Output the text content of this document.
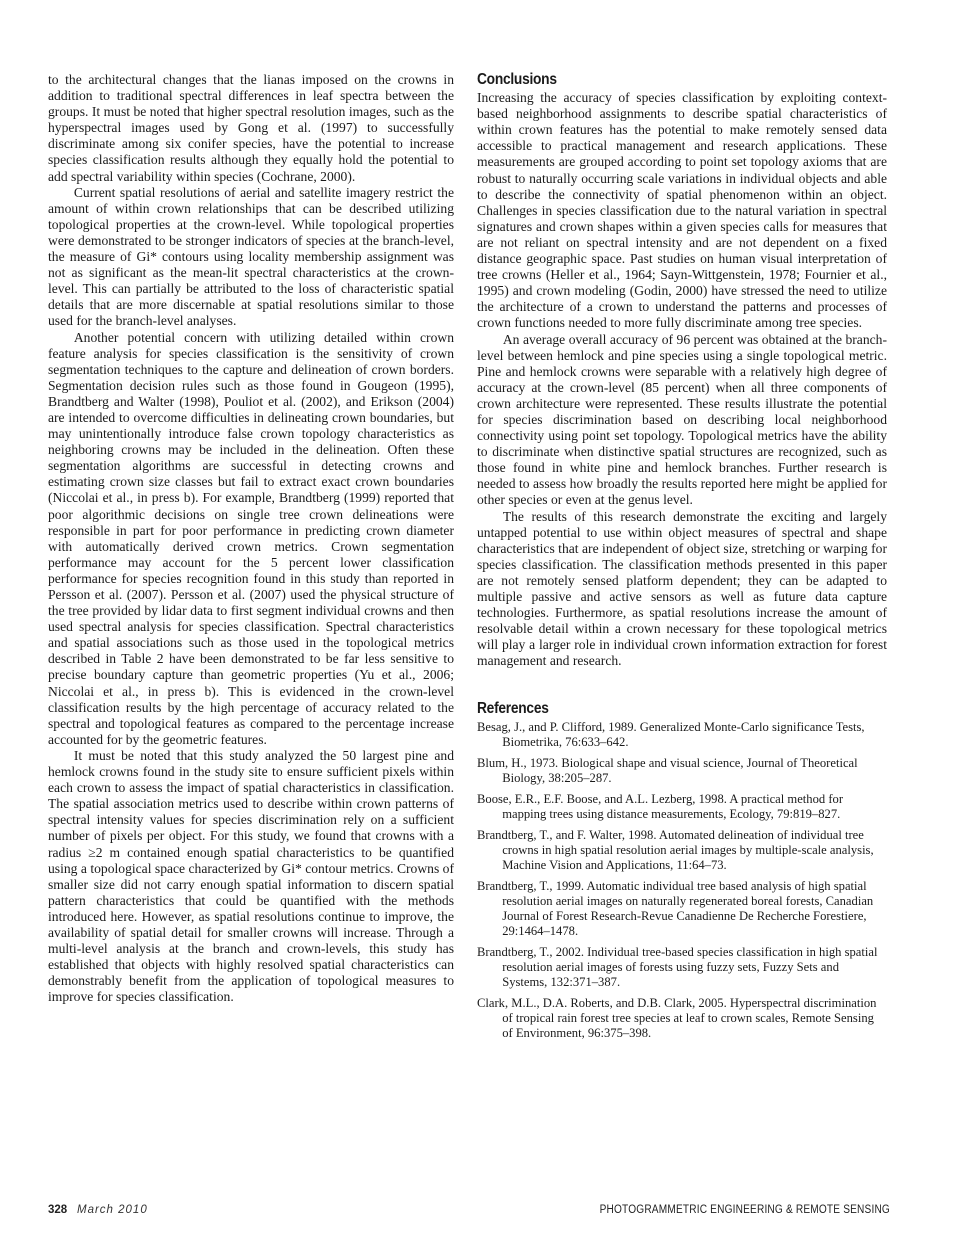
to the architectural changes that the lianas imposed on the crowns in addition to traditional spectral differences in leaf spectra between the groups. It must be noted that higher spectral resolution images, such as the hyperspectral images used by Gong et al. (1997) to successfully discriminate among six conifer species, have the potential to increase species classification results although they equally hold the potential to add spectral variability within species (Cochrane, 2000).

Current spatial resolutions of aerial and satellite imagery restrict the amount of within crown relationships that can be described utilizing topological properties at the crown-level. While topological properties were demonstrated to be stronger indicators of species at the branch-level, the measure of Gi* contours using locality membership assignment was not as significant as the mean-lit spectral characteristics at the crown-level. This can partially be attributed to the loss of characteristic spatial details that are more discernable at spatial resolutions similar to those used for the branch-level analyses.

Another potential concern with utilizing detailed within crown feature analysis for species classification is the sensitivity of crown segmentation techniques to the capture and delineation of crown borders. Segmentation decision rules such as those found in Gougeon (1995), Brandtberg and Walter (1998), Pouliot et al. (2002), and Erikson (2004) are intended to overcome difficulties in delineating crown boundaries, but may unintentionally introduce false crown topology characteristics as neighboring crowns may be included in the delineation. Often these segmentation algorithms are successful in detecting crowns and estimating crown size classes but fail to extract exact crown boundaries (Niccolai et al., in press b). For example, Brandtberg (1999) reported that poor algorithmic decisions on single tree crown delineations were responsible in part for poor performance in predicting crown diameter with automatically derived crown metrics. Crown segmentation performance may account for the 5 percent lower classification performance for species recognition found in this study than reported in Persson et al. (2007). Persson et al. (2007) used the physical structure of the tree provided by lidar data to first segment individual crowns and then used spectral analysis for species classification. Spectral characteristics and spatial associations such as those used in the topological metrics described in Table 2 have been demonstrated to be far less sensitive to precise boundary capture than geometric properties (Yu et al., 2006; Niccolai et al., in press b). This is evidenced in the crown-level classification results by the high percentage of accuracy related to the spectral and topological features as compared to the percentage increase accounted for by the geometric features.

It must be noted that this study analyzed the 50 largest pine and hemlock crowns found in the study site to ensure sufficient pixels within each crown to assess the impact of spatial characteristics in classification. The spatial association metrics used to describe within crown patterns of spectral intensity values for species discrimination rely on a sufficient number of pixels per object. For this study, we found that crowns with a radius ≥2 m contained enough spatial characteristics to be quantified using a topological space characterized by Gi* contour metrics. Crowns of smaller size did not carry enough spatial information to discern spatial pattern characteristics that could be quantified with the methods introduced here. However, as spatial resolutions continue to improve, the availability of spatial detail for smaller crowns will increase. Through a multi-level analysis at the branch and crown-levels, this study has established that objects with highly resolved spatial characteristics can demonstrably benefit from the application of topological measures to improve for species classification.

Conclusions

Increasing the accuracy of species classification by exploiting context-based neighborhood assignments to describe spatial characteristics of within crown features has the potential to make remotely sensed data accessible to practical management and research applications. These measurements are grouped according to point set topology axioms that are robust to naturally occurring scale variations in individual objects and able to describe the connectivity of spatial phenomenon within an object. Challenges in species classification due to the natural variation in spectral signatures and crown shapes within a given species calls for measures that are not reliant on spectral intensity and are not dependent on a fixed distance geographic space. Past studies on human visual interpretation of tree crowns (Heller et al., 1964; Sayn-Wittgenstein, 1978; Fournier et al., 1995) and crown modeling (Godin, 2000) have stressed the need to utilize the architecture of a crown to understand the patterns and processes of crown functions needed to more fully discriminate among tree species.

An average overall accuracy of 96 percent was obtained at the branch-level between hemlock and pine species using a single topological metric. Pine and hemlock crowns were separable with a relatively high degree of accuracy at the crown-level (85 percent) when all three components of crown architecture were represented. These results illustrate the potential for species discrimination based on describing local neighborhood connectivity using point set topology. Topological metrics have the ability to discriminate when distinctive spatial structures are recognized, such as those found in white pine and hemlock branches. Further research is needed to assess how broadly the results reported here might be applied for other species or even at the genus level.

The results of this research demonstrate the exciting and largely untapped potential to use within object measures of spectral and shape characteristics that are independent of object size, stretching or warping for species classification. The classification methods presented in this paper are not remotely sensed platform dependent; they can be adapted to multiple passive and active sensors as well as future data capture technologies. Furthermore, as spatial resolutions increase the amount of resolvable detail within a crown necessary for these topological metrics will play a larger role in individual crown information extraction for forest management and research.

References
Besag, J., and P. Clifford, 1989. Generalized Monte-Carlo significance Tests, Biometrika, 76:633–642.
Blum, H., 1973. Biological shape and visual science, Journal of Theoretical Biology, 38:205–287.
Boose, E.R., E.F. Boose, and A.L. Lezberg, 1998. A practical method for mapping trees using distance measurements, Ecology, 79:819–827.
Brandtberg, T., and F. Walter, 1998. Automated delineation of individual tree crowns in high spatial resolution aerial images by multiple-scale analysis, Machine Vision and Applications, 11:64–73.
Brandtberg, T., 1999. Automatic individual tree based analysis of high spatial resolution aerial images on naturally regenerated boreal forests, Canadian Journal of Forest Research-Revue Canadienne De Recherche Forestiere, 29:1464–1478.
Brandtberg, T., 2002. Individual tree-based species classification in high spatial resolution aerial images of forests using fuzzy sets, Fuzzy Sets and Systems, 132:371–387.
Clark, M.L., D.A. Roberts, and D.B. Clark, 2005. Hyperspectral discrimination of tropical rain forest tree species at leaf to crown scales, Remote Sensing of Environment, 96:375–398.
328 March 2010	PHOTOGRAMMETRIC ENGINEERING & REMOTE SENSING
